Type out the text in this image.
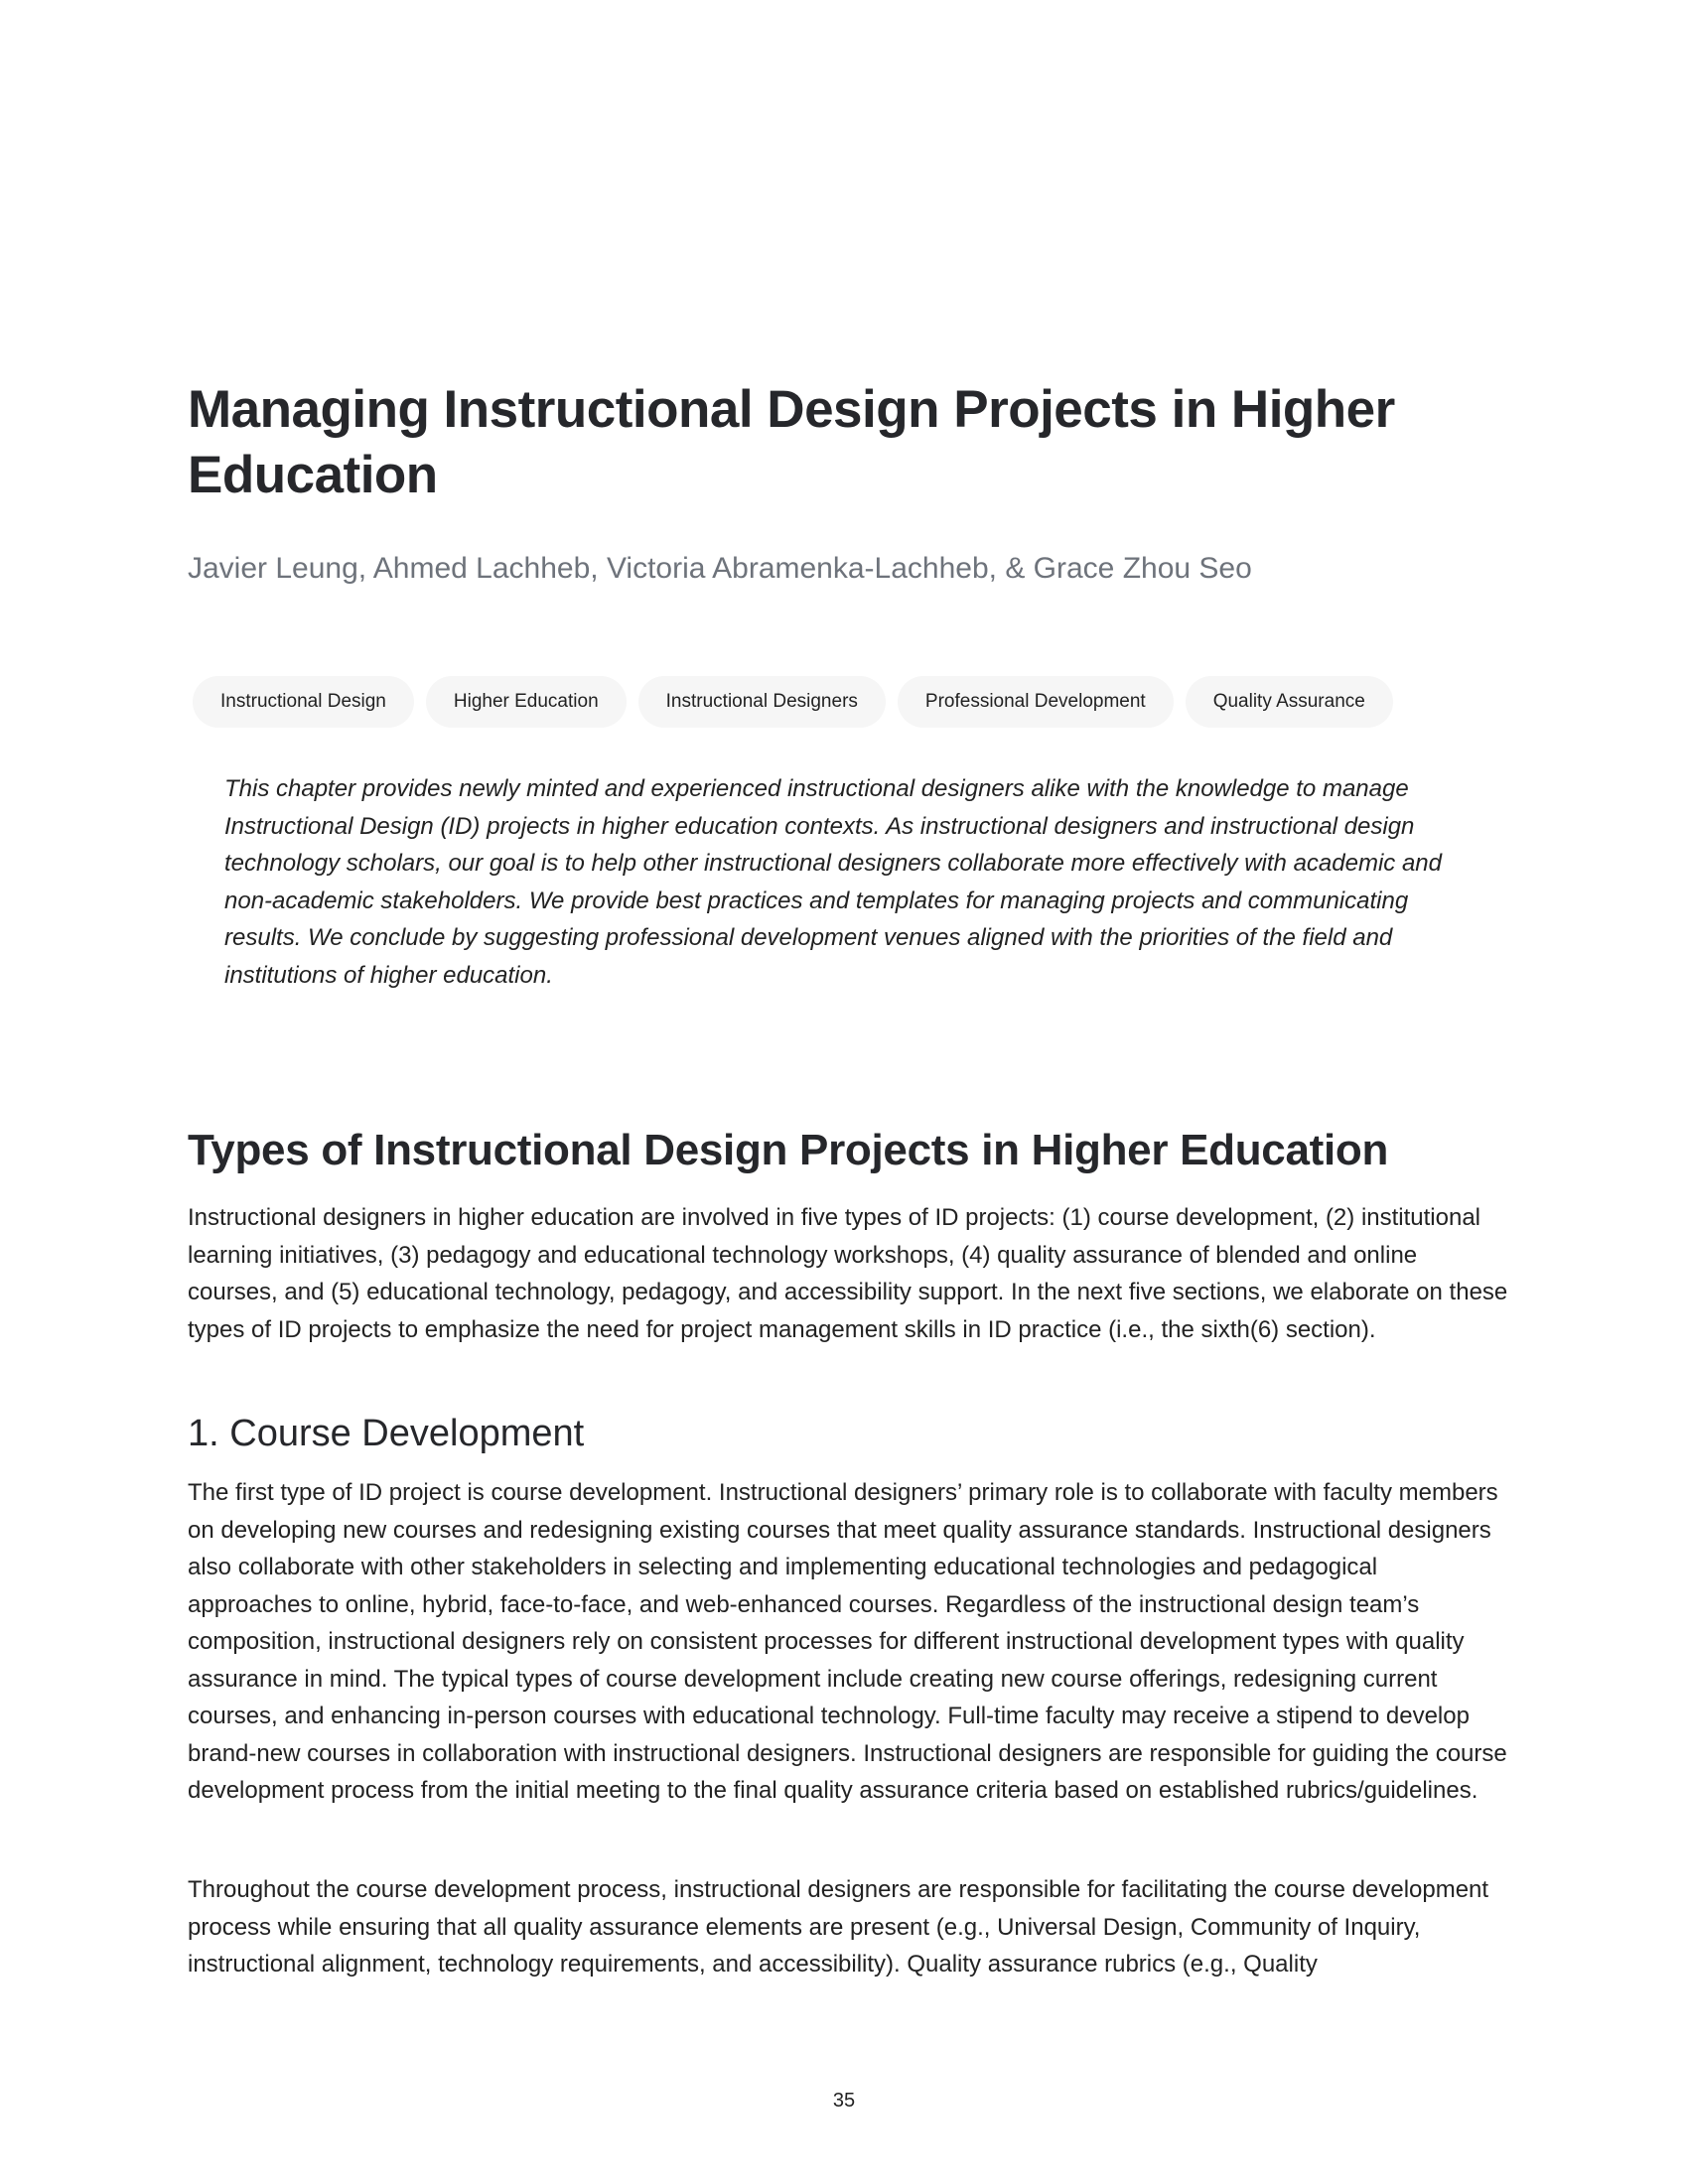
Managing Instructional Design Projects in Higher Education

Javier Leung, Ahmed Lachheb, Victoria Abramenka-Lachheb, & Grace Zhou Seo

Instructional Design	Higher Education	Instructional Designers	Professional Development	Quality Assurance

This chapter provides newly minted and experienced instructional designers alike with the knowledge to manage Instructional Design (ID) projects in higher education contexts. As instructional designers and instructional design technology scholars, our goal is to help other instructional designers collaborate more effectively with academic and non-academic stakeholders. We provide best practices and templates for managing projects and communicating results. We conclude by suggesting professional development venues aligned with the priorities of the field and institutions of higher education.

Types of Instructional Design Projects in Higher Education

Instructional designers in higher education are involved in five types of ID projects: (1) course development, (2) institutional learning initiatives, (3) pedagogy and educational technology workshops, (4) quality assurance of blended and online courses, and (5) educational technology, pedagogy, and accessibility support. In the next five sections, we elaborate on these types of ID projects to emphasize the need for project management skills in ID practice (i.e., the sixth(6) section).

1. Course Development

The first type of ID project is course development. Instructional designers’ primary role is to collaborate with faculty members on developing new courses and redesigning existing courses that meet quality assurance standards. Instructional designers also collaborate with other stakeholders in selecting and implementing educational technologies and pedagogical approaches to online, hybrid, face-to-face, and web-enhanced courses. Regardless of the instructional design team’s composition, instructional designers rely on consistent processes for different instructional development types with quality assurance in mind. The typical types of course development include creating new course offerings, redesigning current courses, and enhancing in-person courses with educational technology. Full-time faculty may receive a stipend to develop brand-new courses in collaboration with instructional designers. Instructional designers are responsible for guiding the course development process from the initial meeting to the final quality assurance criteria based on established rubrics/guidelines.

Throughout the course development process, instructional designers are responsible for facilitating the course development process while ensuring that all quality assurance elements are present (e.g., Universal Design, Community of Inquiry, instructional alignment, technology requirements, and accessibility). Quality assurance rubrics (e.g., Quality

35
